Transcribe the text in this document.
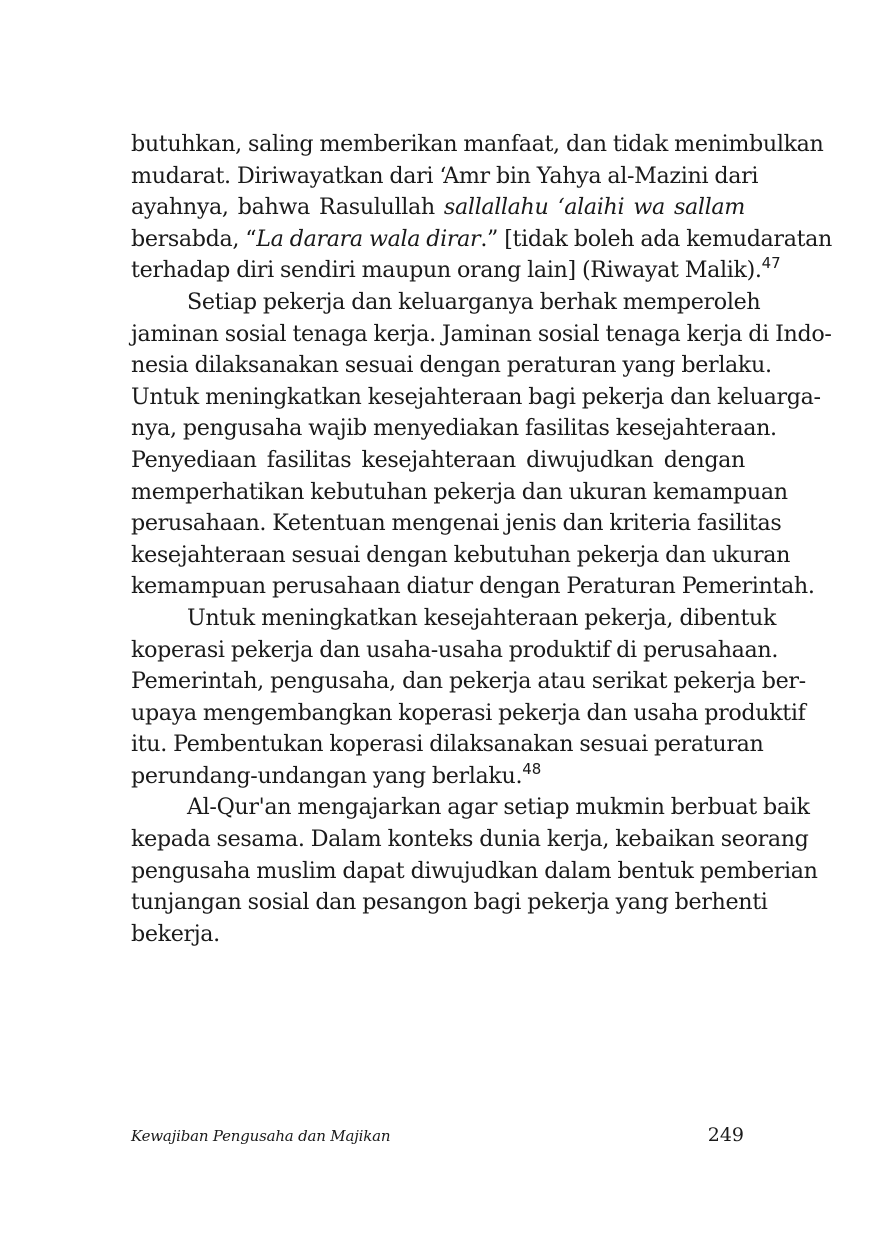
butuhkan, saling memberikan manfaat, dan tidak menimbulkan
mudarat. Diriwayatkan dari ‘Amr bin Yahya al-Mazini dari
ayahnya, bahwa Rasulullah sallallahu ‘alaihi wa sallam
bersabda, “La darara wala dirar.” [tidak boleh ada kemudaratan
terhadap diri sendiri maupun orang lain] (Riwayat Malik).$^{47}$
Setiap pekerja dan keluarganya berhak memperoleh
jaminan sosial tenaga kerja. Jaminan sosial tenaga kerja di Indo-
nesia dilaksanakan sesuai dengan peraturan yang berlaku.
Untuk meningkatkan kesejahteraan bagi pekerja dan keluarga-
nya, pengusaha wajib menyediakan fasilitas kesejahteraan.
Penyediaan fasilitas kesejahteraan diwujudkan dengan
memperhatikan kebutuhan pekerja dan ukuran kemampuan
perusahaan. Ketentuan mengenai jenis dan kriteria fasilitas
kesejahteraan sesuai dengan kebutuhan pekerja dan ukuran
kemampuan perusahaan diatur dengan Peraturan Pemerintah.
Untuk meningkatkan kesejahteraan pekerja, dibentuk
koperasi pekerja dan usaha-usaha produktif di perusahaan.
Pemerintah, pengusaha, dan pekerja atau serikat pekerja ber-
upaya mengembangkan koperasi pekerja dan usaha produktif
itu. Pembentukan koperasi dilaksanakan sesuai peraturan
perundang-undangan yang berlaku.$^{48}$
Al-Qur'an mengajarkan agar setiap mukmin berbuat baik
kepada sesama. Dalam konteks dunia kerja, kebaikan seorang
pengusaha muslim dapat diwujudkan dalam bentuk pemberian
tunjangan sosial dan pesangon bagi pekerja yang berhenti
bekerja.
Kewajiban Pengusaha dan Majikan	249
